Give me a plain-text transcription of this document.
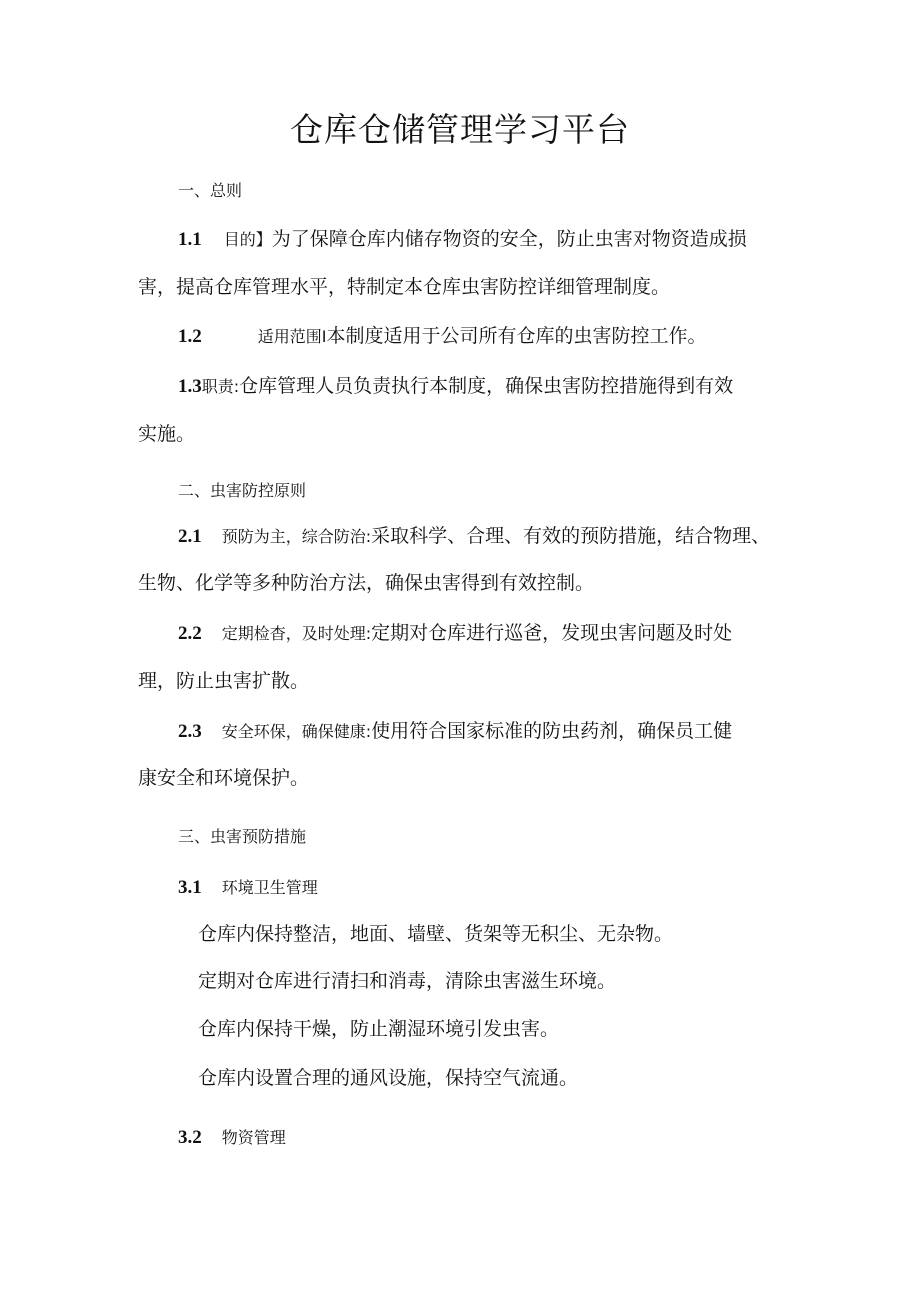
仓库仓储管理学习平台
一、总则
1.1 目的】为了保障仓库内储存物资的安全，防止虫害对物资造成损
害，提高仓库管理水平，特制定本仓库虫害防控详细管理制度。
1.2	适用范围I本制度适用于公司所有仓库的虫害防控工作。
1.3职责:仓库管理人员负责执行本制度，确保虫害防控措施得到有效
实施。
二、虫害防控原则
2.1 预防为主，综合防治:采取科学、合理、有效的预防措施，结合物理、
生物、化学等多种防治方法，确保虫害得到有效控制。
2.2 定期检杳，及时处理:定期对仓库进行巡爸，发现虫害问题及时处
理，防止虫害扩散。
2.3 安全环保，确保健康:使用符合国家标准的防虫药剂，确保员工健
康安全和环境保护。
三、虫害预防措施
3.1 环境卫生管理
仓库内保持整洁，地面、墙壁、货架等无积尘、无杂物。
定期对仓库进行清扫和消毒，清除虫害滋生环境。
仓库内保持干燥，防止潮湿环境引发虫害。
仓库内设置合理的通风设施，保持空气流通。
3.2 物资管理
